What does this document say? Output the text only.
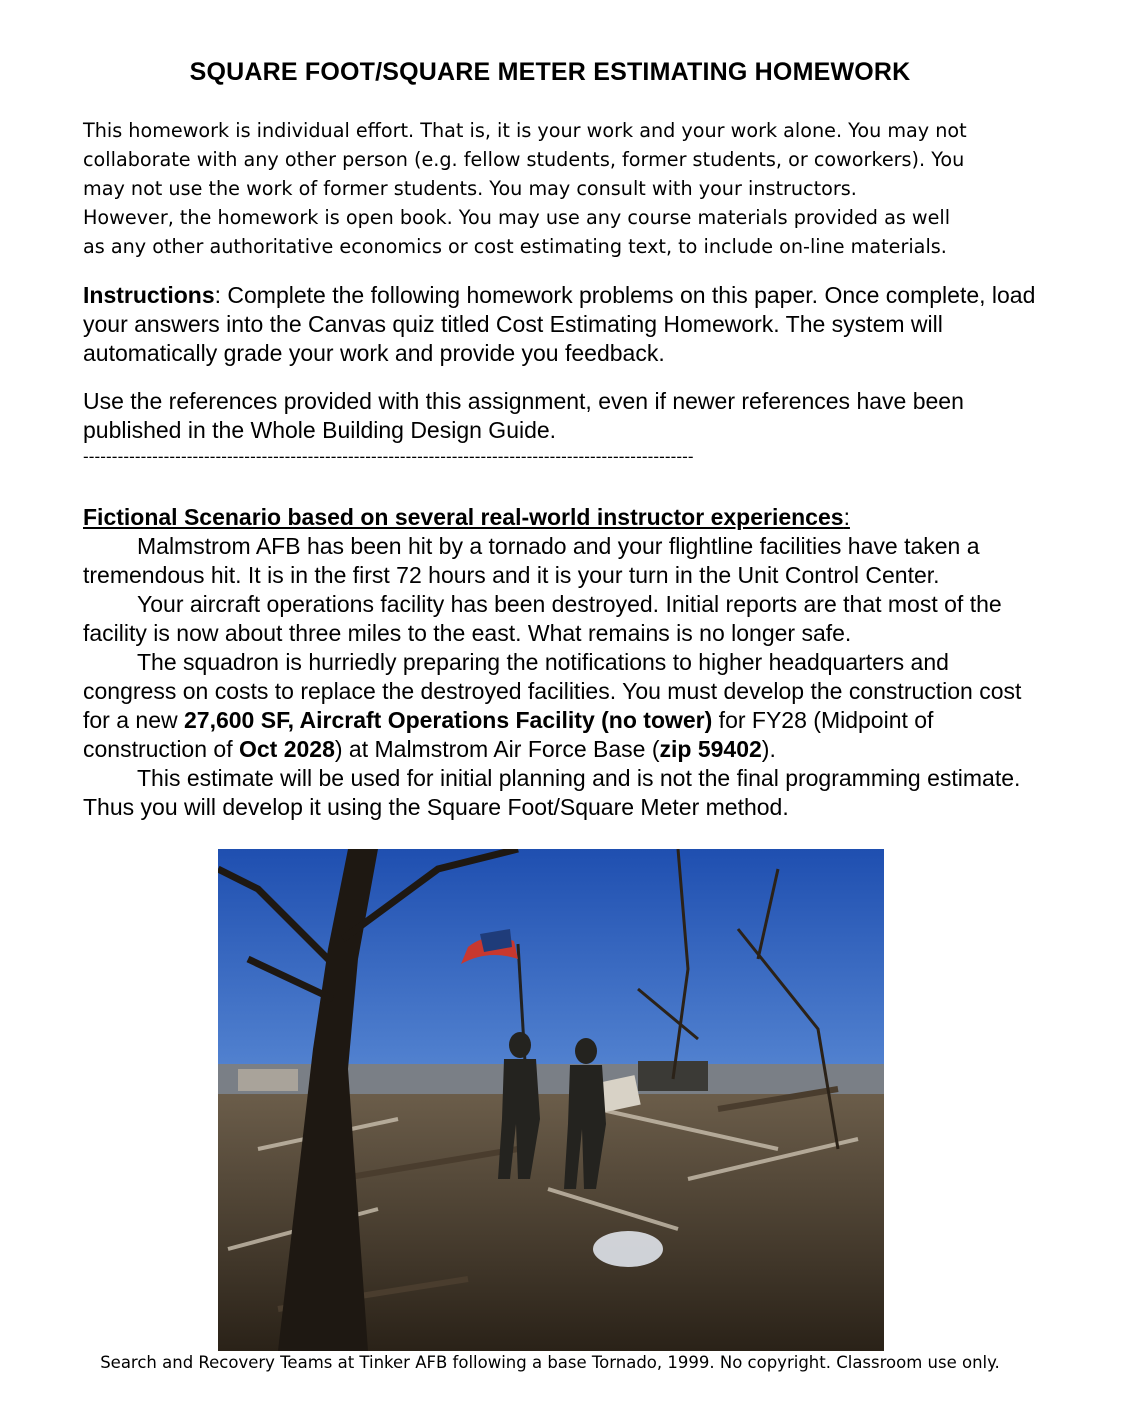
SQUARE FOOT/SQUARE METER ESTIMATING HOMEWORK

This homework is individual effort. That is, it is your work and your work alone. You may not

collaborate with any other person (e.g. fellow students, former students, or coworkers). You

may not use the work of former students. You may consult with your instructors.

However, the homework is open book. You may use any course materials provided as well

as any other authoritative economics or cost estimating text, to include on-line materials.

Instructions: Complete the following homework problems on this paper. Once complete, load your answers into the Canvas quiz titled Cost Estimating Homework. The system will automatically grade your work and provide you feedback.

Use the references provided with this assignment, even if newer references have been published in the Whole Building Design Guide.

----------------------------------------------------------------------------------------------------------

Fictional Scenario based on several real-world instructor experiences:

Malmstrom AFB has been hit by a tornado and your flightline facilities have taken a tremendous hit. It is in the first 72 hours and it is your turn in the Unit Control Center.

Your aircraft operations facility has been destroyed. Initial reports are that most of the facility is now about three miles to the east. What remains is no longer safe.

The squadron is hurriedly preparing the notifications to higher headquarters and congress on costs to replace the destroyed facilities. You must develop the construction cost for a new 27,600 SF, Aircraft Operations Facility (no tower) for FY28 (Midpoint of construction of Oct 2028) at Malmstrom Air Force Base (zip 59402).

This estimate will be used for initial planning and is not the final programming estimate. Thus you will develop it using the Square Foot/Square Meter method.

Search and Recovery Teams at Tinker AFB following a base Tornado, 1999. No copyright. Classroom use only.
